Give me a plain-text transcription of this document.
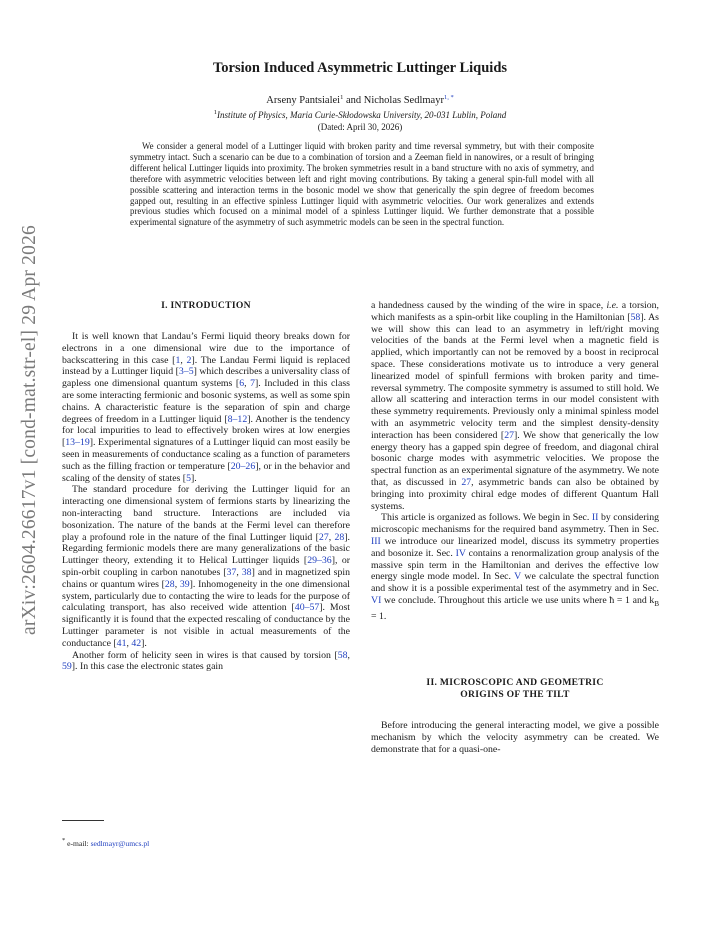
arXiv:2604.26617v1 [cond-mat.str-el] 29 Apr 2026
Torsion Induced Asymmetric Luttinger Liquids
Arseny Pantsialei$^1$ and Nicholas Sedlmayr$^{1, *}$
$^1$Institute of Physics, Maria Curie-Skłodowska University, 20-031 Lublin, Poland
(Dated: April 30, 2026)

We consider a general model of a Luttinger liquid with broken parity and time reversal symmetry, but with their composite symmetry intact. Such a scenario can be due to a combination of torsion and a Zeeman field in nanowires, or a result of bringing different helical Luttinger liquids into proximity. The broken symmetries result in a band structure with no axis of symmetry, and therefore with asymmetric velocities between left and right moving contributions. By taking a general spin-full model with all possible scattering and interaction terms in the bosonic model we show that generically the spin degree of freedom becomes gapped out, resulting in an effective spinless Luttinger liquid with asymmetric velocities. Our work generalizes and extends previous studies which focused on a minimal model of a spinless Luttinger liquid. We further demonstrate that a possible experimental signature of the asymmetry of such asymmetric models can be seen in the spectral function.

I. INTRODUCTION

It is well known that Landau’s Fermi liquid theory breaks down for electrons in a one dimensional wire due to the importance of backscattering in this case [1, 2]. The Landau Fermi liquid is replaced instead by a Luttinger liquid [3–5] which describes a universality class of gapless one dimensional quantum systems [6, 7]. Included in this class are some interacting fermionic and bosonic systems, as well as some spin chains. A characteristic feature is the separation of spin and charge degrees of freedom in a Luttinger liquid [8–12]. Another is the tendency for local impurities to lead to effectively broken wires at low energies [13–19]. Experimental signatures of a Luttinger liquid can most easily be seen in measurements of conductance scaling as a function of parameters such as the filling fraction or temperature [20–26], or in the behavior and scaling of the density of states [5].

The standard procedure for deriving the Luttinger liquid for an interacting one dimensional system of fermions starts by linearizing the non-interacting band structure. Interactions are included via bosonization. The nature of the bands at the Fermi level can therefore play a profound role in the nature of the final Luttinger liquid [27, 28]. Regarding fermionic models there are many generalizations of the basic Luttinger theory, extending it to Helical Luttinger liquids [29–36], or spin-orbit coupling in carbon nanotubes [37, 38] and in magnetized spin chains or quantum wires [28, 39]. Inhomogeneity in the one dimensional system, particularly due to contacting the wire to leads for the purpose of calculating transport, has also received wide attention [40–57]. Most significantly it is found that the expected rescaling of conductance by the Luttinger parameter is not visible in actual measurements of the conductance [41, 42].

Another form of helicity seen in wires is that caused by torsion [58, 59]. In this case the electronic states gain

a handedness caused by the winding of the wire in space, i.e. a torsion, which manifests as a spin-orbit like coupling in the Hamiltonian [58]. As we will show this can lead to an asymmetry in left/right moving velocities of the bands at the Fermi level when a magnetic field is applied, which importantly can not be removed by a boost in reciprocal space. These considerations motivate us to introduce a very general linearized model of spinfull fermions with broken parity and time-reversal symmetry. The composite symmetry is assumed to still hold. We allow all scattering and interaction terms in our model consistent with these symmetry requirements. Previously only a minimal spinless model with an asymmetric velocity term and the simplest density-density interaction has been considered [27]. We show that generically the low energy theory has a gapped spin degree of freedom, and diagonal chiral bosonic charge modes with asymmetric velocities. We propose the spectral function as an experimental signature of the asymmetry. We note that, as discussed in 27, asymmetric bands can also be obtained by bringing into proximity chiral edge modes of different Quantum Hall systems.

This article is organized as follows. We begin in Sec. II by considering microscopic mechanisms for the required band asymmetry. Then in Sec. III we introduce our linearized model, discuss its symmetry properties and bosonize it. Sec. IV contains a renormalization group analysis of the massive spin term in the Hamiltonian and derives the effective low energy single mode model. In Sec. V we calculate the spectral function and show it is a possible experimental test of the asymmetry and in Sec. VI we conclude. Throughout this article we use units where ħ = 1 and $k_B = 1$.

II. MICROSCOPIC AND GEOMETRIC
ORIGINS OF THE TILT

Before introducing the general interacting model, we give a possible mechanism by which the velocity asymmetry can be created. We demonstrate that for a quasi-one-

* e-mail: sedlmayr@umcs.pl
